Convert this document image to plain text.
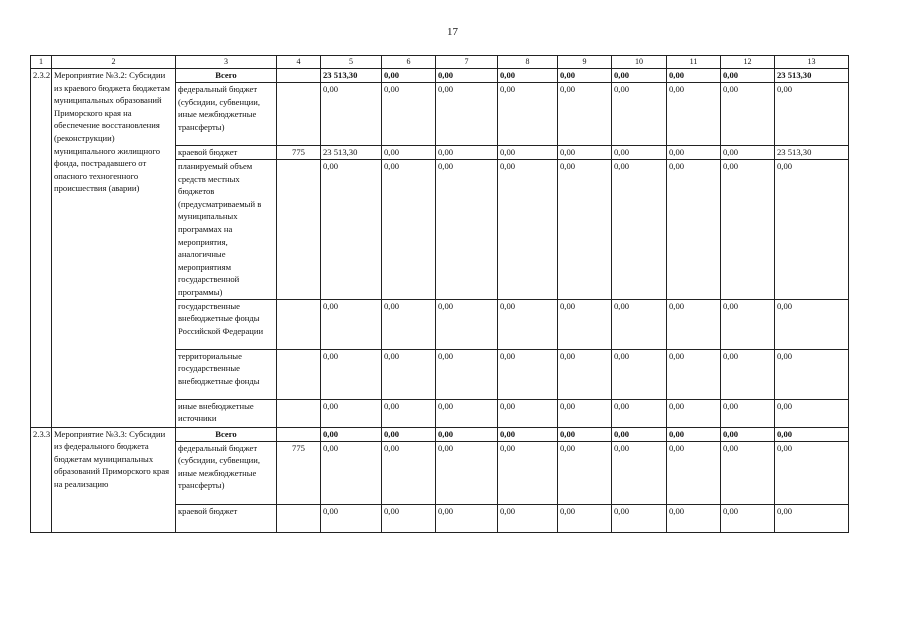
17
1	2	3	4	5	6	7	8	9	10	11	12	13
2.3.2	Мероприятие №3.2: Субсидии из краевого бюджета бюджетам муниципальных образований Приморского края на обеспечение восстановления (реконструкции) муниципального жилищного фонда, пострадавшего от опасного техногенного происшествия (аварии)	Всего		23 513,30	0,00	0,00	0,00	0,00	0,00	0,00	0,00	23 513,30
		федеральный бюджет (субсидии, субвенции, иные межбюджетные трансферты)		0,00	0,00	0,00	0,00	0,00	0,00	0,00	0,00	0,00
		краевой бюджет	775	23 513,30	0,00	0,00	0,00	0,00	0,00	0,00	0,00	23 513,30
		планируемый объем средств местных бюджетов (предусматриваемый в муниципальных программах на мероприятия, аналогичные мероприятиям государственной программы)		0,00	0,00	0,00	0,00	0,00	0,00	0,00	0,00	0,00
		государственные внебюджетные фонды Российской Федерации		0,00	0,00	0,00	0,00	0,00	0,00	0,00	0,00	0,00
		территориальные государственные внебюджетные фонды		0,00	0,00	0,00	0,00	0,00	0,00	0,00	0,00	0,00
		иные внебюджетные источники		0,00	0,00	0,00	0,00	0,00	0,00	0,00	0,00	0,00
2.3.3	Мероприятие №3.3: Субсидии из федерального бюджета бюджетам муниципальных образований Приморского края на реализацию	Всего		0,00	0,00	0,00	0,00	0,00	0,00	0,00	0,00	0,00
		федеральный бюджет (субсидии, субвенции, иные межбюджетные трансферты)	775	0,00	0,00	0,00	0,00	0,00	0,00	0,00	0,00	0,00
		краевой бюджет		0,00	0,00	0,00	0,00	0,00	0,00	0,00	0,00	0,00
